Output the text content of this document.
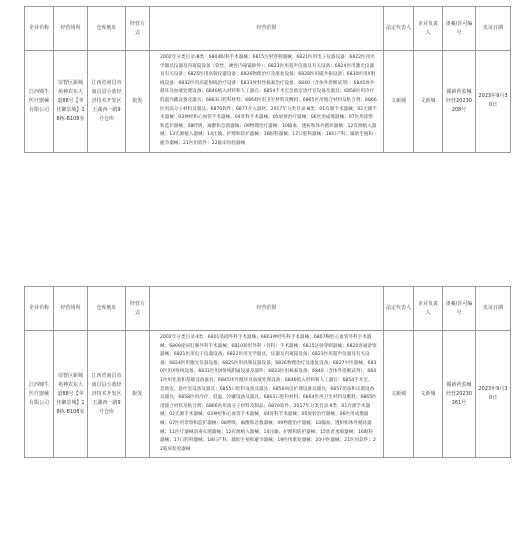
企业名称	经营场所	仓库地址	经营方式	经营范围	法定代表人	企业负责人	备案/许可编号	发证日期
江西锦生医疗器械有限公司	崇智区新城苑神农东大道88号【苹佳御景城】18栋-B108室	江西省南昌市南昌县小蓝经济技术开发区玉湖西一路9号仓库	批发	2002年分类目录-Ⅲ类：6804眼科手术器械；6815注射穿刺器械；6821医用电子仪器设备；6822医用光学器具仪器及内窥镜设备（软性、硬性内窥镜除外）；6823医用超声仪器及有关设备；6824医用激光仪器及有关设备；6825医用高频仪器设备；6826物理治疗及康复设备；6828医用磁共振设备；6830医用X射线设备；6832医用高能射线治疗设备；6833放射性核素治疗设备；6840（含体外诊断试剂）；6845体外循环及血液处理设备；6846植入材料和人工器官；6854手术室急救室诊疗室设备及器具；6858医用冷疗低温冷藏设备及器具；6863口腔科材料；6864医用卫生材料及敷料；6865医用缝合材料及粘合剂；6866医用高分子材料及制品；6870软件；6877介入器材。2017年分类目录-Ⅲ类：01有源手术器械；02无源手术器械；03神经和心血管手术器械；04骨科手术器械；05放射治疗器械；06医用成像器械；07医用诊察和监护器械；08呼吸、麻醉和急救器械；09物理治疗器械；10输血、透析和体外循环器械；12有源植入器械；13无源植入器械；14注输、护理和防护器械；16眼科器械；17口腔科器械；18妇产科、辅助生殖和避孕器械；21医用软件；22临床检验器械	文新城	文新城	赣新药监械经营20230208号	2023年9月30日
企业名称	经营场所	仓库地址	经营方式	经营范围	法定代表人	企业负责人	备案/许可编号	发证日期
江西锦生医疗器械有限公司	崇智区新城苑神农东大道88号【苹佳御景城】18栋-B108室	江西省南昌市南昌县小蓝经济技术开发区玉湖西一路9号仓库	批发	2002年分类目录-Ⅱ类：6801基础外科手术器械；6803神经外科手术器械；6807胸腔心血管外科手术器械；6809泌尿肛肠外科手术器械；6810矫形外科（骨科）手术器械；6815注射穿刺器械；6820普通诊察器械；6821医用电子仪器设备；6822医用光学器具、仪器及内窥镜设备；6823医用超声仪器及有关设备；6824医用激光仪器设备；6825医用高频仪器设备；6826物理治疗及康复设备；6827中医器械；6830医用X射线设备；6831医用X射线附属设备及部件；6833医用核素设备；6840（含体外诊断试剂）；6841医用化验和基础设备器具；6845体外循环及血液处理设备；6846植入材料和人工器官；6854手术室、急救室、诊疗室设备及器具；6855口腔科设备及器具；6856病房护理设备及器具；6857消毒和灭菌设备及器具；6858医用冷疗、低温、冷藏设备及器具；6863口腔科材料；6864医用卫生材料及敷料；6865医用缝合材料及粘合剂；6866医用高分子材料及制品；6870软件。2017年分类目录-Ⅱ类：01有源手术器械；02无源手术器械；03神经和心血管手术器械；04骨科手术器械；05放射治疗器械；06医用成像器械；07医用诊察和监护器械；08呼吸、麻醉和急救器械；09物理治疗器械；10输血、透析和体外循环器械；11医疗器械消毒灭菌器械；12有源植入器械；14注输、护理和防护器械；15患者承载器械；16眼科器械；17口腔科器械；18妇产科、辅助生殖和避孕器械；19医用康复器械；20中医器械；21医用软件；22临床检验器械	文新城	文新城	赣新药监械经营20230261号	2023年9月30日
